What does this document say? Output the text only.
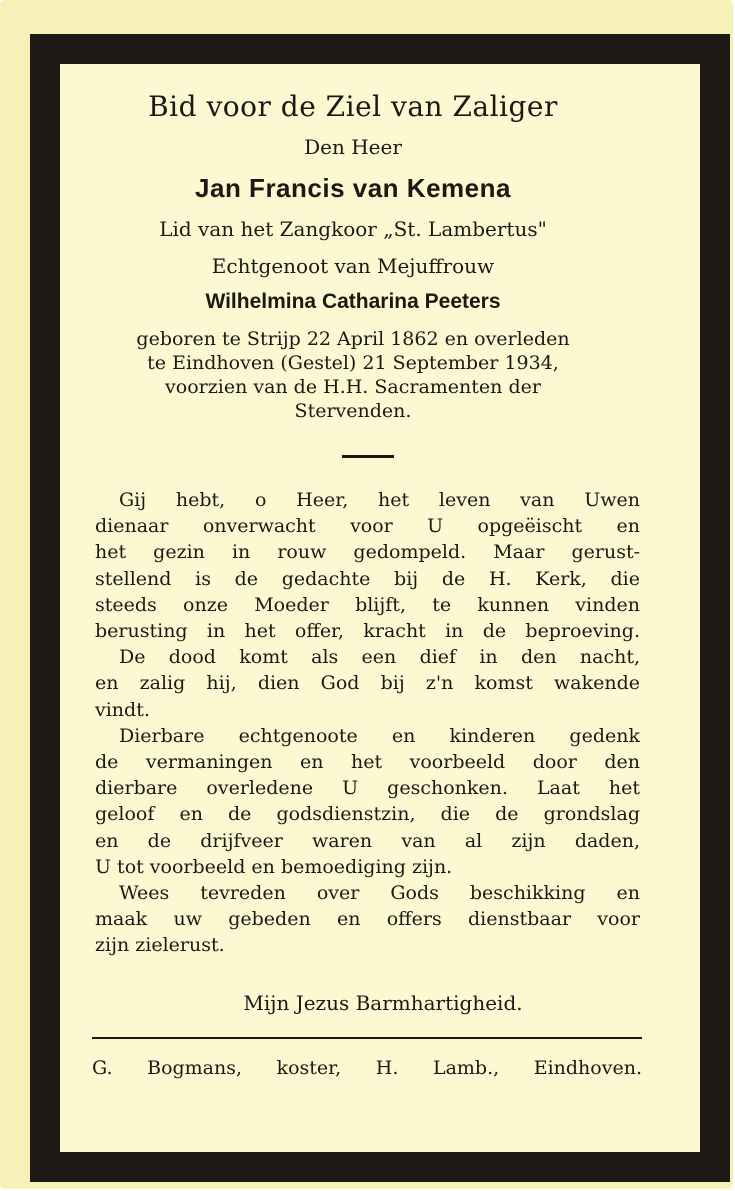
Bid voor de Ziel van Zaliger
Den Heer
Jan Francis van Kemena
Lid van het Zangkoor „St. Lambertus"
Echtgenoot van Mejuffrouw
Wilhelmina Catharina Peeters
geboren te Strijp 22 April 1862 en overleden
te Eindhoven (Gestel) 21 September 1934,
voorzien van de H.H. Sacramenten der
Stervenden.
Gij hebt, o Heer, het leven van Uwen
dienaar onverwacht voor U opgeëischt en
het gezin in rouw gedompeld. Maar gerust-
stellend is de gedachte bij de H. Kerk, die
steeds onze Moeder blijft, te kunnen vinden
berusting in het offer, kracht in de beproeving.
De dood komt als een dief in den nacht,
en zalig hij, dien God bij z'n komst wakende
vindt.
Dierbare echtgenoote en kinderen gedenk
de vermaningen en het voorbeeld door den
dierbare overledene U geschonken. Laat het
geloof en de godsdienstzin, die de grondslag
en de drijfveer waren van al zijn daden,
U tot voorbeeld en bemoediging zijn.
Wees tevreden over Gods beschikking en
maak uw gebeden en offers dienstbaar voor
zijn zielerust.
Mijn Jezus Barmhartigheid.
G. Bogmans, koster, H. Lamb., Eindhoven.
